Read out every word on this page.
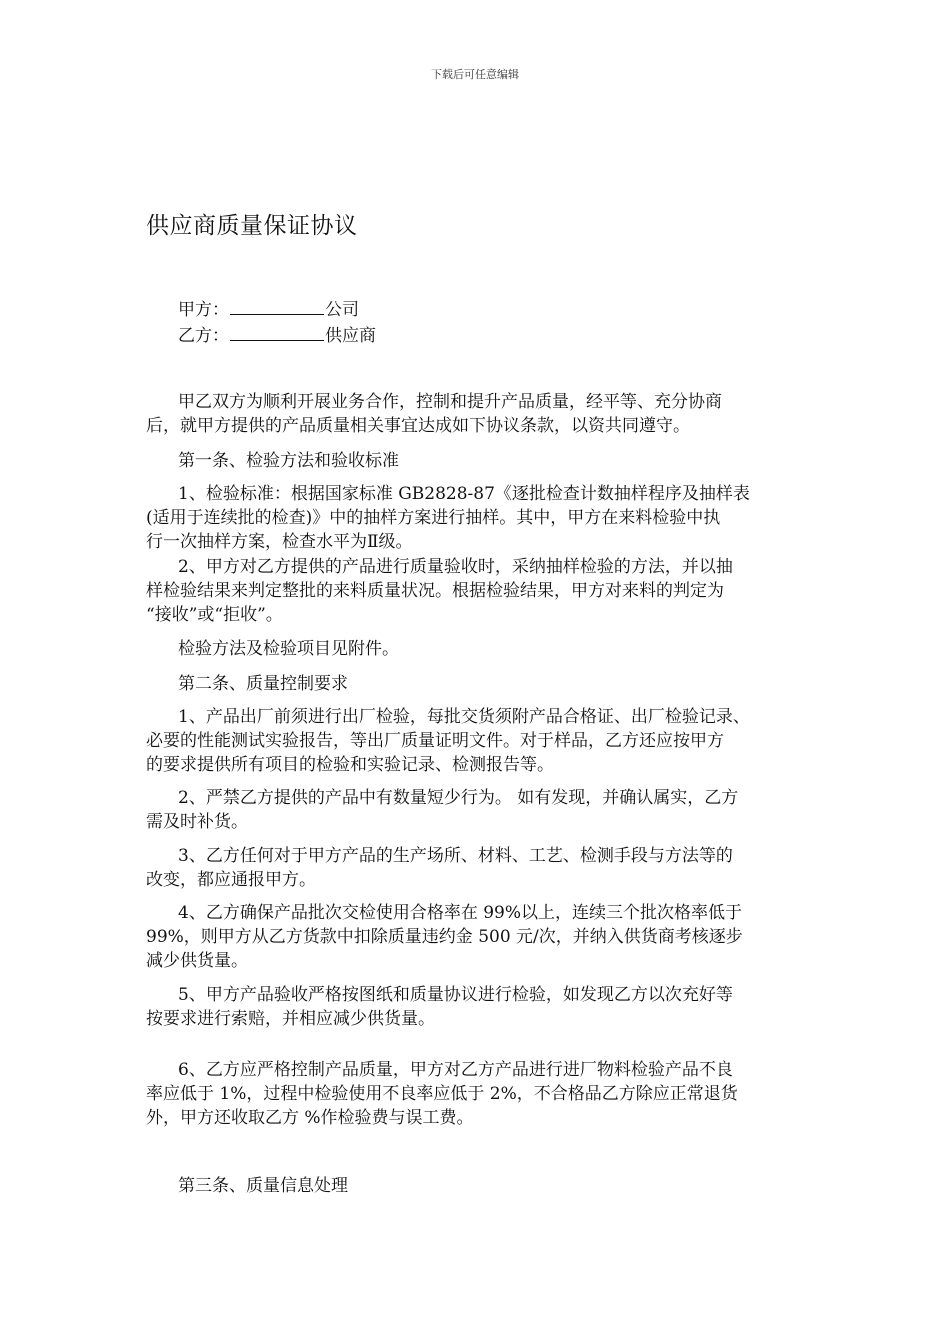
下载后可任意编辑
供应商质量保证协议
甲方：	公司
乙方：	供应商
甲乙双方为顺利开展业务合作，控制和提升产品质量，经平等、充分协商
后，就甲方提供的产品质量相关事宜达成如下协议条款，以资共同遵守。
第一条、检验方法和验收标准
1、检验标准：根据国家标准 GB2828-87《逐批检查计数抽样程序及抽样表
(适用于连续批的检查)》中的抽样方案进行抽样。其中，甲方在来料检验中执
行一次抽样方案，检查水平为Ⅱ级。
2、甲方对乙方提供的产品进行质量验收时，采纳抽样检验的方法，并以抽
样检验结果来判定整批的来料质量状况。根据检验结果，甲方对来料的判定为
“接收”或“拒收”。
检验方法及检验项目见附件。
第二条、质量控制要求
1、产品出厂前须进行出厂检验，每批交货须附产品合格证、出厂检验记录、
必要的性能测试实验报告，等出厂质量证明文件。对于样品，乙方还应按甲方
的要求提供所有项目的检验和实验记录、检测报告等。
2、严禁乙方提供的产品中有数量短少行为。 如有发现，并确认属实，乙方
需及时补货。
3、乙方任何对于甲方产品的生产场所、材料、工艺、检测手段与方法等的
改变，都应通报甲方。
4、乙方确保产品批次交检使用合格率在 99%以上，连续三个批次格率低于
99%，则甲方从乙方货款中扣除质量违约金 500 元/次，并纳入供货商考核逐步
减少供货量。
5、甲方产品验收严格按图纸和质量协议进行检验，如发现乙方以次充好等
按要求进行索赔，并相应减少供货量。
6、乙方应严格控制产品质量，甲方对乙方产品进行进厂物料检验产品不良
率应低于 1%，过程中检验使用不良率应低于 2%，不合格品乙方除应正常退货
外，甲方还收取乙方 %作检验费与误工费。
第三条、质量信息处理
